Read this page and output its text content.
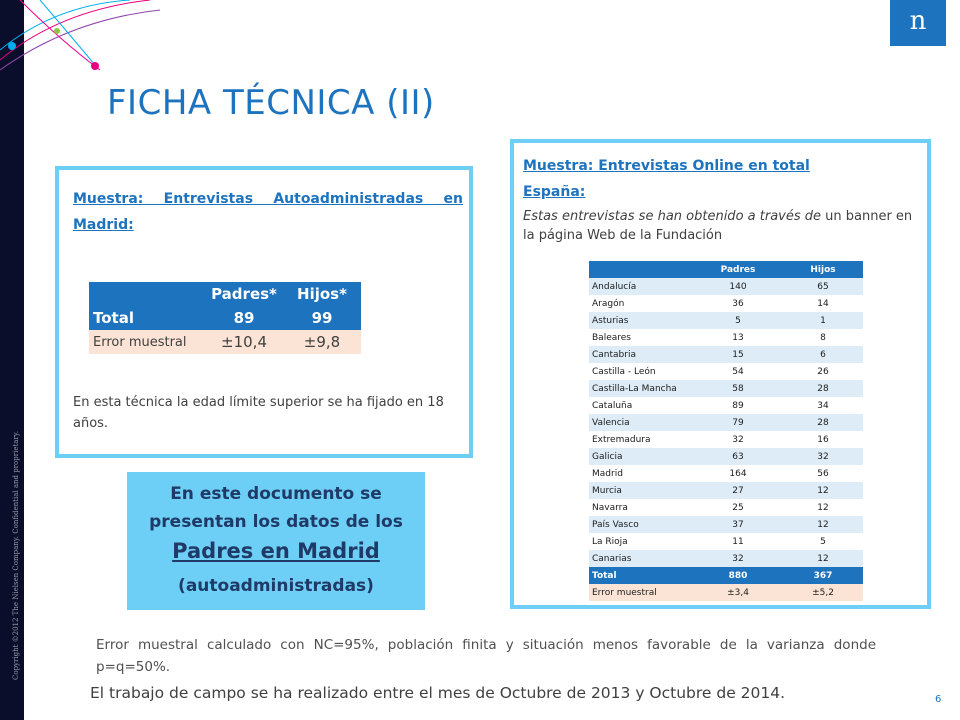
Copyright ©2012 The Nielsen Company. Confidential and proprietary.
n
FICHA TÉCNICA (II)

Muestra: Entrevistas Autoadministradas en Madrid:

	Padres*	Hijos*
Total	89	99
Error muestral	±10,4	±9,8
En esta técnica la edad límite superior se ha fijado en 18 años.
Muestra: Entrevistas Online en total
España:
Estas entrevistas se han obtenido a través de un banner en la página Web de la Fundación
	Padres	Hijos
Andalucía	140	65
Aragón	36	14
Asturias	5	1
Baleares	13	8
Cantabria	15	6
Castilla - León	54	26
Castilla-La Mancha	58	28
Cataluña	89	34
Valencia	79	28
Extremadura	32	16
Galicia	63	32
Madrid	164	56
Murcia	27	12
Navarra	25	12
País Vasco	37	12
La Rioja	11	5
Canarias	32	12
Total	880	367
Error muestral	±3,4	±5,2
En este documento se presentan los datos de los
Padres en Madrid
(autoadministradas)
Error muestral calculado con NC=95%, población finita y situación menos favorable de la varianza donde p=q=50%.
El trabajo de campo se ha realizado entre el mes de Octubre de 2013 y Octubre de 2014.	6
